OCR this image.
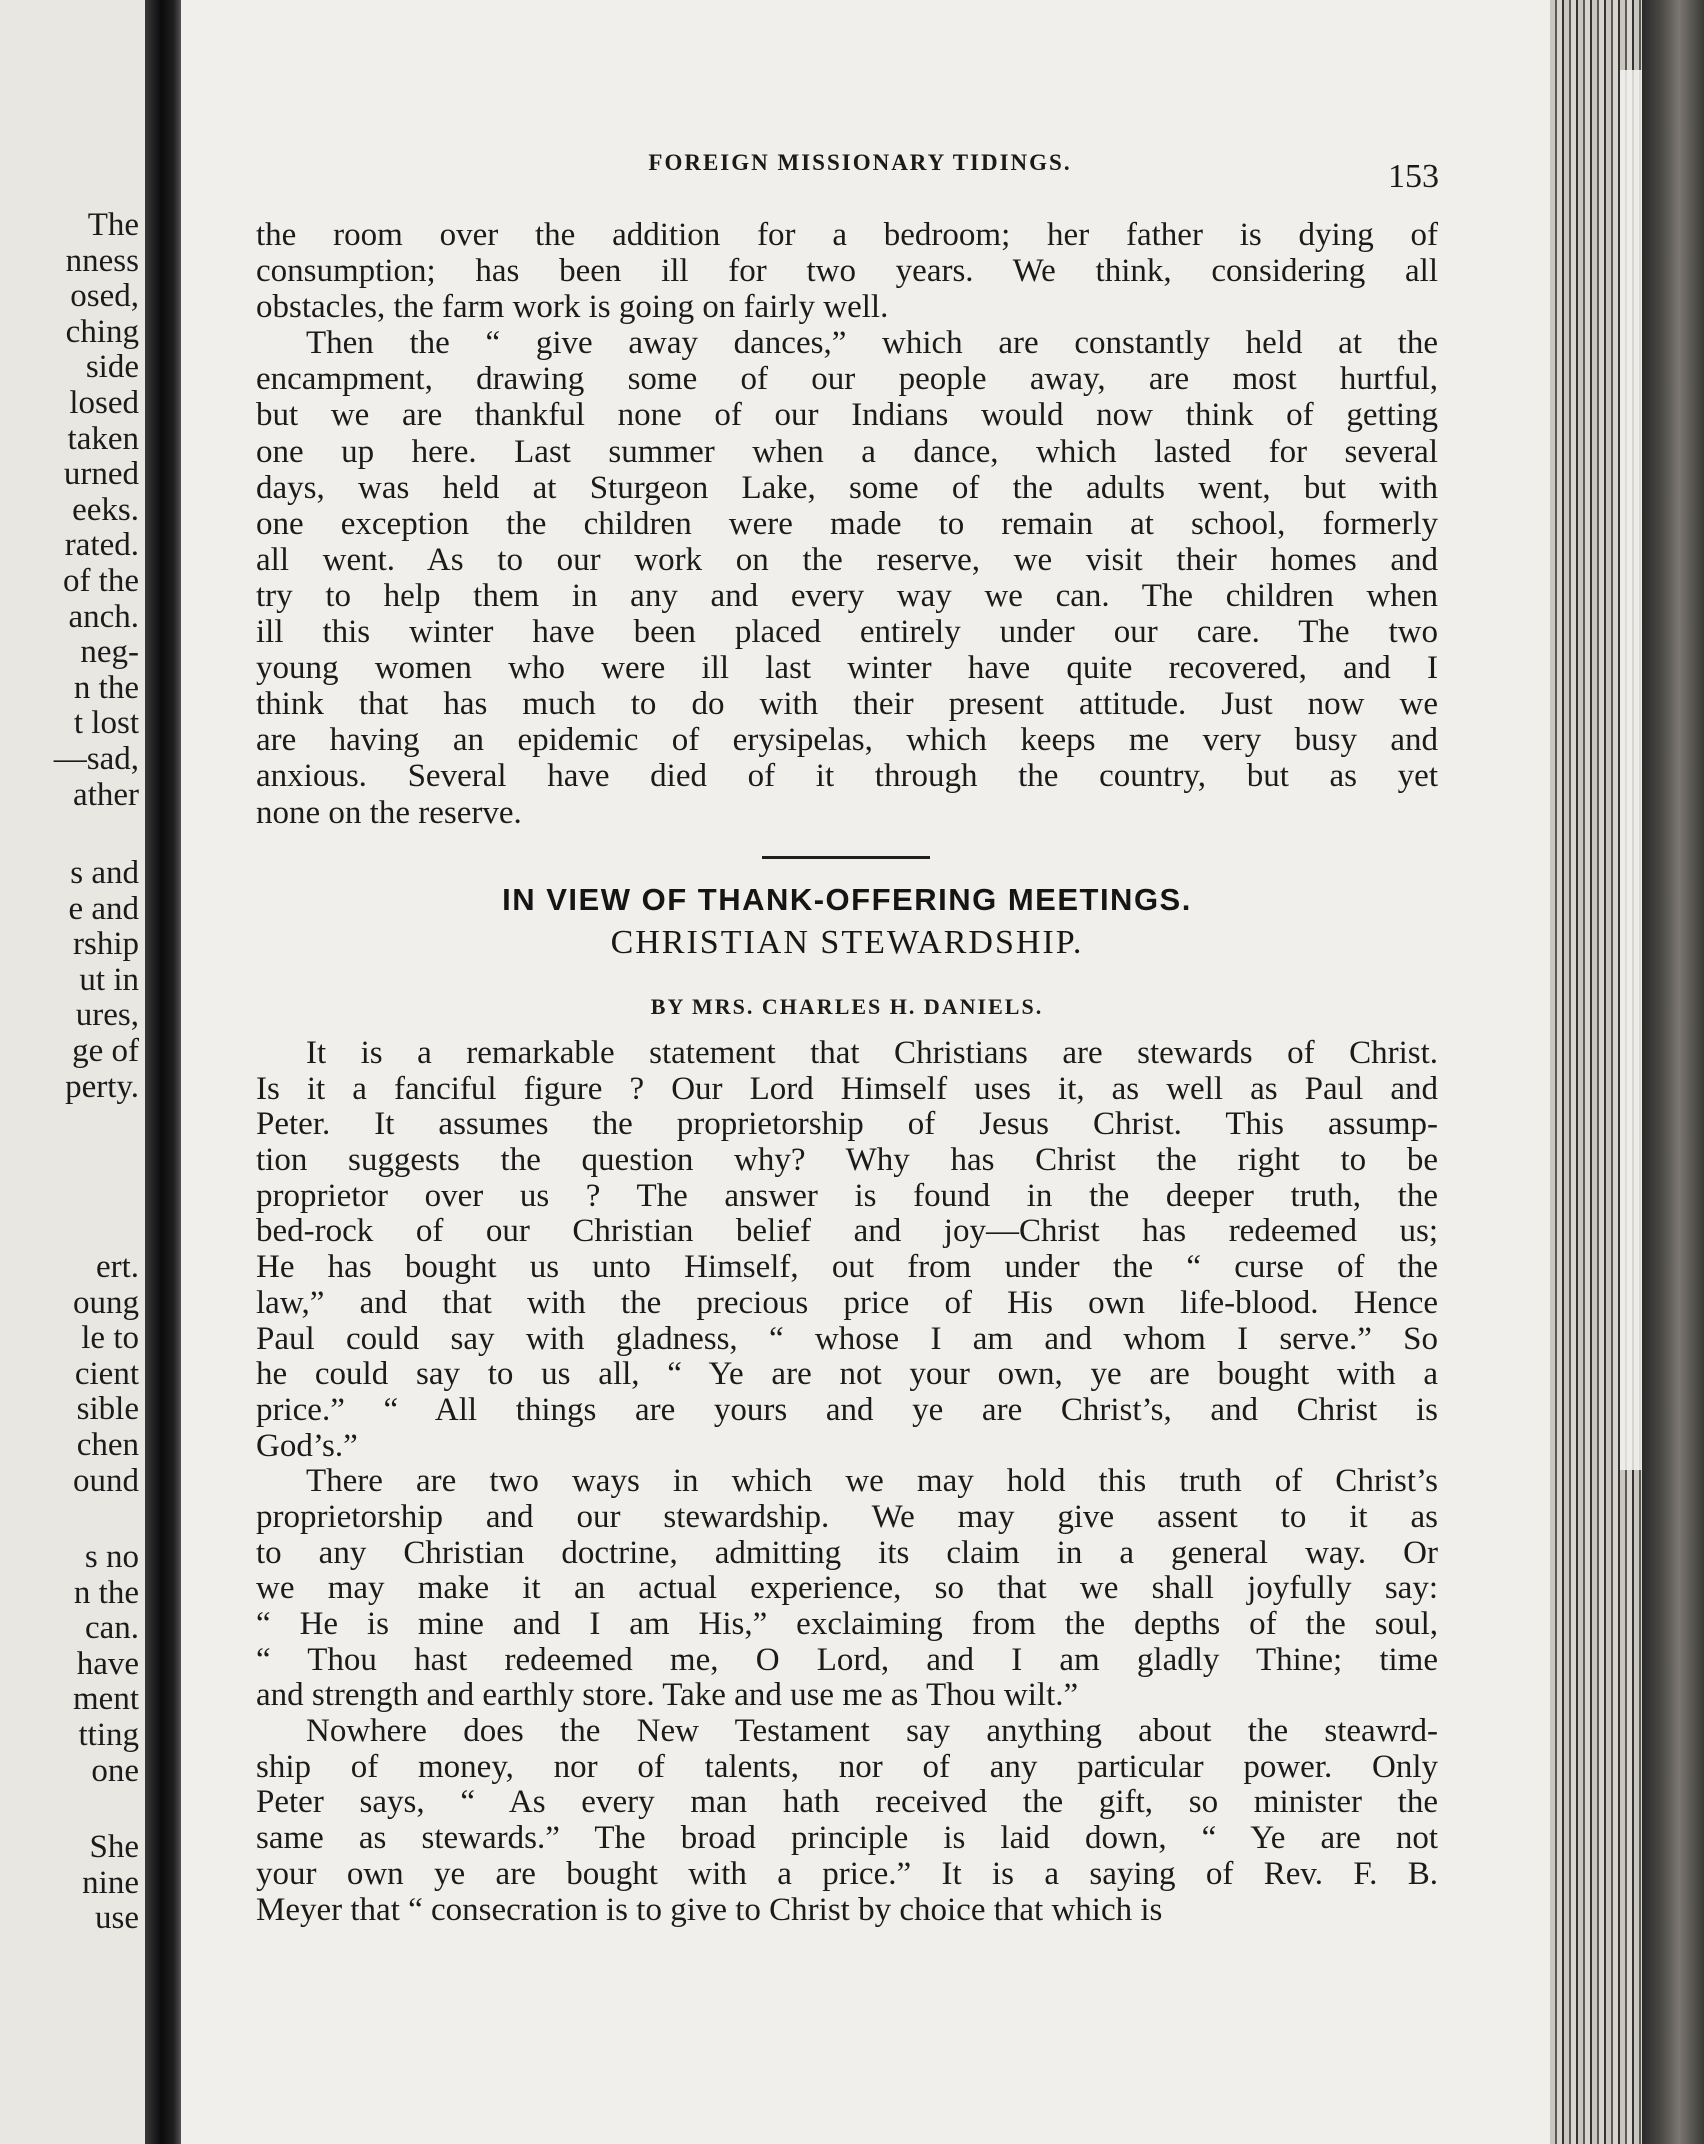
The
nness
osed,
ching
side
losed
taken
urned
eeks.
rated.
of the
anch.
neg-
n the
t lost
—sad,
ather
s and
e and
rship
ut in
ures,
ge of
perty.
ert.
oung
le to
cient
sible
chen
ound
s no
n the
can.
have
ment
tting
one
She
nine
use
FOREIGN MISSIONARY TIDINGS.	153
the room over the addition for a bedroom; her father is dying of
consumption; has been ill for two years. We think, considering all
obstacles, the farm work is going on fairly well.
Then the “ give away dances,” which are constantly held at the
encampment, drawing some of our people away, are most hurtful,
but we are thankful none of our Indians would now think of getting
one up here. Last summer when a dance, which lasted for several
days, was held at Sturgeon Lake, some of the adults went, but with
one exception the children were made to remain at school, formerly
all went. As to our work on the reserve, we visit their homes and
try to help them in any and every way we can. The children when
ill this winter have been placed entirely under our care. The two
young women who were ill last winter have quite recovered, and I
think that has much to do with their present attitude. Just now we
are having an epidemic of erysipelas, which keeps me very busy and
anxious. Several have died of it through the country, but as yet
none on the reserve.
IN VIEW OF THANK-OFFERING MEETINGS.
CHRISTIAN STEWARDSHIP.
BY MRS. CHARLES H. DANIELS.
It is a remarkable statement that Christians are stewards of Christ.
Is it a fanciful figure ? Our Lord Himself uses it, as well as Paul and
Peter. It assumes the proprietorship of Jesus Christ. This assump-
tion suggests the question why? Why has Christ the right to be
proprietor over us ? The answer is found in the deeper truth, the
bed-rock of our Christian belief and joy—Christ has redeemed us;
He has bought us unto Himself, out from under the “ curse of the
law,” and that with the precious price of His own life-blood. Hence
Paul could say with gladness, “ whose I am and whom I serve.” So
he could say to us all, “ Ye are not your own, ye are bought with a
price.” “ All things are yours and ye are Christ’s, and Christ is
God’s.”
There are two ways in which we may hold this truth of Christ’s
proprietorship and our stewardship. We may give assent to it as
to any Christian doctrine, admitting its claim in a general way. Or
we may make it an actual experience, so that we shall joyfully say:
“ He is mine and I am His,” exclaiming from the depths of the soul,
“ Thou hast redeemed me, O Lord, and I am gladly Thine; time
and strength and earthly store. Take and use me as Thou wilt.”
Nowhere does the New Testament say anything about the steawrd-
ship of money, nor of talents, nor of any particular power. Only
Peter says, “ As every man hath received the gift, so minister the
same as stewards.” The broad principle is laid down, “ Ye are not
your own ye are bought with a price.” It is a saying of Rev. F. B.
Meyer that “ consecration is to give to Christ by choice that which is
